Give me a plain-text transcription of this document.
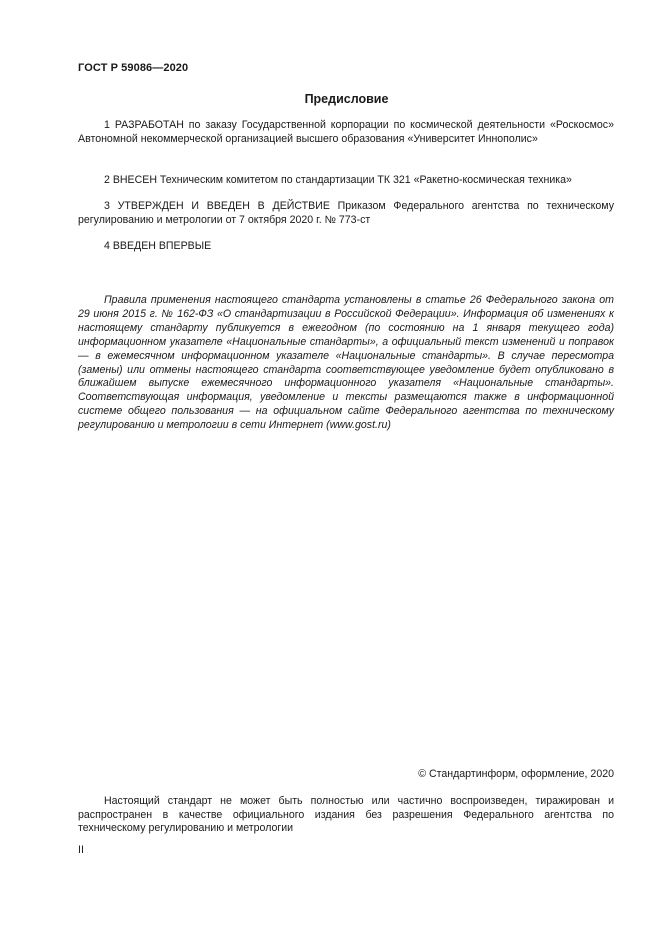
ГОСТ Р 59086—2020
Предисловие

1 РАЗРАБОТАН по заказу Государственной корпорации по космической деятельности «Роскосмос» Автономной некоммерческой организацией высшего образования «Университет Иннополис»

2 ВНЕСЕН Техническим комитетом по стандартизации ТК 321 «Ракетно-космическая техника»

3 УТВЕРЖДЕН И ВВЕДЕН В ДЕЙСТВИЕ Приказом Федерального агентства по техническому регулированию и метрологии от 7 октября 2020 г. № 773-ст

4 ВВЕДЕН ВПЕРВЫЕ

Правила применения настоящего стандарта установлены в статье 26 Федерального закона от 29 июня 2015 г. № 162-ФЗ «О стандартизации в Российской Федерации». Информация об изменениях к настоящему стандарту публикуется в ежегодном (по состоянию на 1 января текущего года) информационном указателе «Национальные стандарты», а официальный текст изменений и поправок — в ежемесячном информационном указателе «Национальные стандарты». В случае пересмотра (замены) или отмены настоящего стандарта соответствующее уведомление будет опубликовано в ближайшем выпуске ежемесячного информационного указателя «Национальные стандарты». Соответствующая информация, уведомление и тексты размещаются также в информационной системе общего пользования — на официальном сайте Федерального агентства по техническому регулированию и метрологии в сети Интернет (www.gost.ru)

© Стандартинформ, оформление, 2020

Настоящий стандарт не может быть полностью или частично воспроизведен, тиражирован и распространен в качестве официального издания без разрешения Федерального агентства по техническому регулированию и метрологии

II
